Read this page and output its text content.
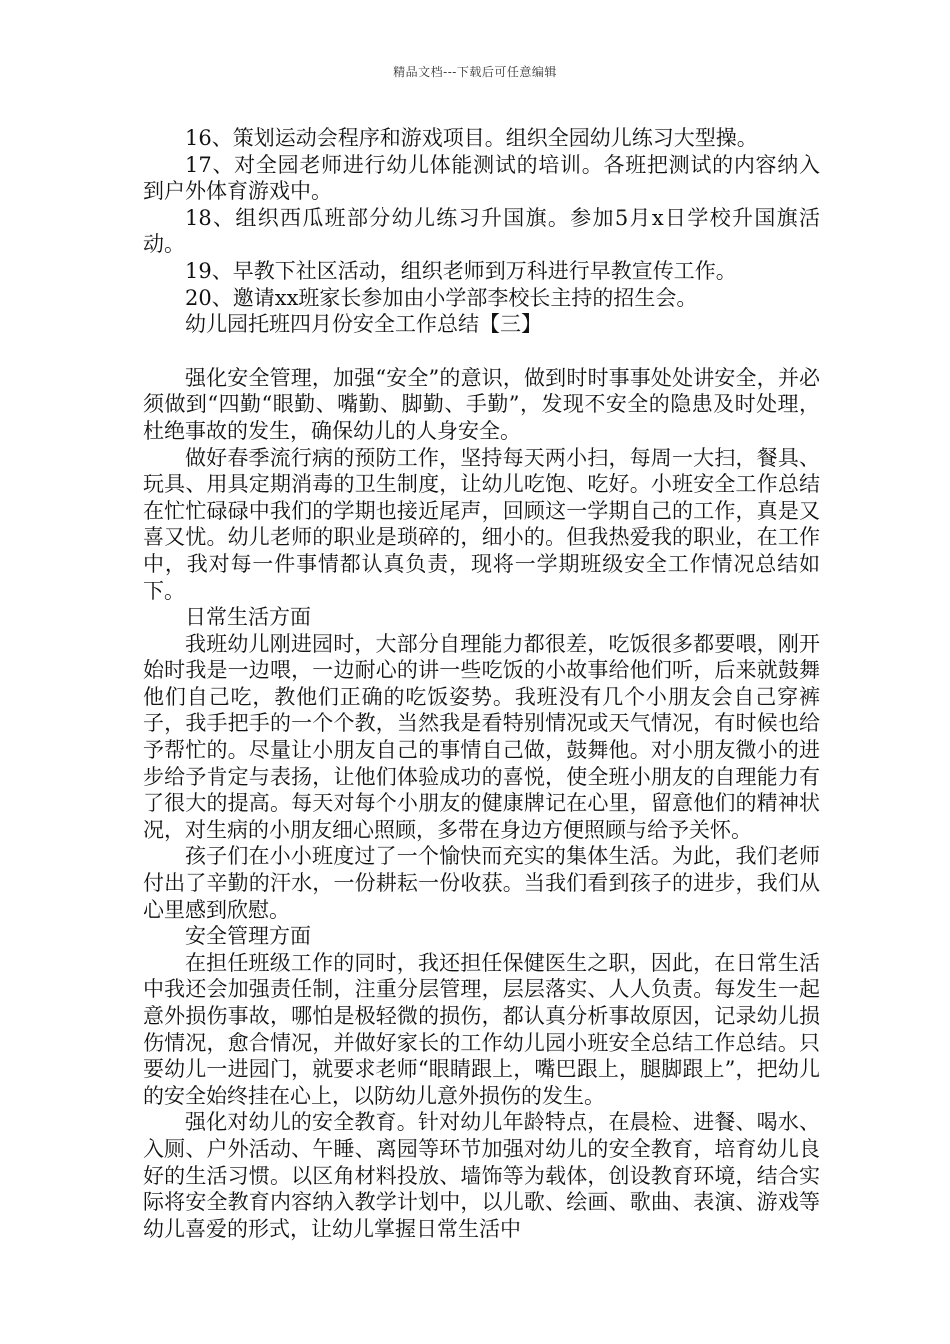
精品文档---下载后可任意编辑

16、策划运动会程序和游戏项目。组织全园幼儿练习大型操。

17、对全园老师进行幼儿体能测试的培训。各班把测试的内容纳入到户外体育游戏中。

18、组织西瓜班部分幼儿练习升国旗。参加5月x日学校升国旗活动。

19、早教下社区活动，组织老师到万科进行早教宣传工作。

20、邀请xx班家长参加由小学部李校长主持的招生会。

幼儿园托班四月份安全工作总结【三】

强化安全管理，加强“安全”的意识，做到时时事事处处讲安全，并必须做到“四勤“眼勤、嘴勤、脚勤、手勤”，发现不安全的隐患及时处理，杜绝事故的发生，确保幼儿的人身安全。

做好春季流行病的预防工作，坚持每天两小扫，每周一大扫，餐具、玩具、用具定期消毒的卫生制度，让幼儿吃饱、吃好。小班安全工作总结在忙忙碌碌中我们的学期也接近尾声，回顾这一学期自己的工作，真是又喜又忧。幼儿老师的职业是琐碎的，细小的。但我热爱我的职业，在工作中，我对每一件事情都认真负责，现将一学期班级安全工作情况总结如下。

日常生活方面

我班幼儿刚进园时，大部分自理能力都很差，吃饭很多都要喂，刚开始时我是一边喂，一边耐心的讲一些吃饭的小故事给他们听，后来就鼓舞他们自己吃，教他们正确的吃饭姿势。我班没有几个小朋友会自己穿裤子，我手把手的一个个教，当然我是看特别情况或天气情况，有时候也给予帮忙的。尽量让小朋友自己的事情自己做，鼓舞他。对小朋友微小的进步给予肯定与表扬，让他们体验成功的喜悦，使全班小朋友的自理能力有了很大的提高。每天对每个小朋友的健康牌记在心里，留意他们的精神状况，对生病的小朋友细心照顾，多带在身边方便照顾与给予关怀。

孩子们在小小班度过了一个愉快而充实的集体生活。为此，我们老师付出了辛勤的汗水，一份耕耘一份收获。当我们看到孩子的进步，我们从心里感到欣慰。

安全管理方面

在担任班级工作的同时，我还担任保健医生之职，因此，在日常生活中我还会加强责任制，注重分层管理，层层落实、人人负责。每发生一起意外损伤事故，哪怕是极轻微的损伤，都认真分析事故原因，记录幼儿损伤情况，愈合情况，并做好家长的工作幼儿园小班安全总结工作总结。只要幼儿一进园门，就要求老师“眼睛跟上，嘴巴跟上，腿脚跟上”，把幼儿的安全始终挂在心上，以防幼儿意外损伤的发生。

强化对幼儿的安全教育。针对幼儿年龄特点，在晨检、进餐、喝水、入厕、户外活动、午睡、离园等环节加强对幼儿的安全教育，培育幼儿良好的生活习惯。以区角材料投放、墙饰等为载体，创设教育环境，结合实际将安全教育内容纳入教学计划中，以儿歌、绘画、歌曲、表演、游戏等幼儿喜爱的形式，让幼儿掌握日常生活中
